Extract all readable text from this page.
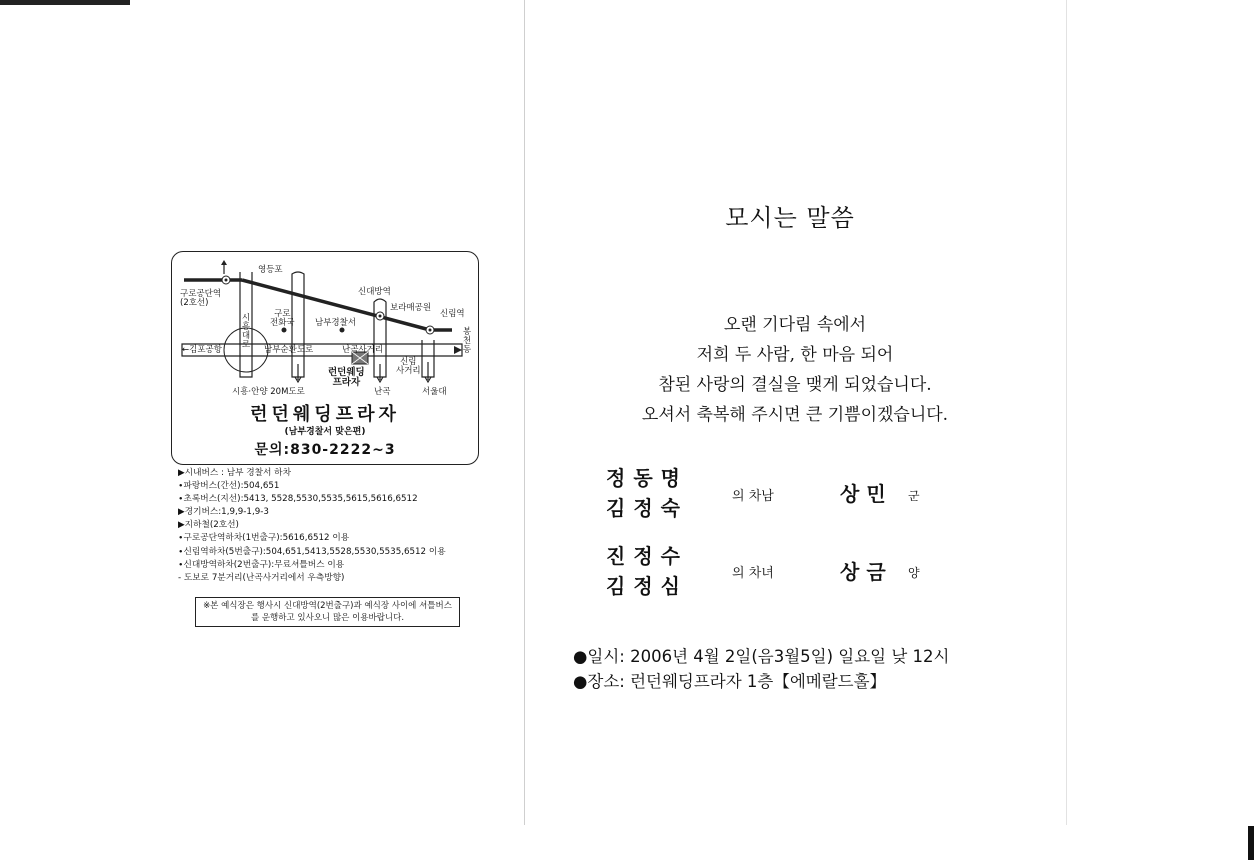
구로공단역
(2호선)
영등포
신대방역
보라매공원
신림역
구로
전화국 남부경찰서
봉천동
←김포공항
시흥대로 남부순환도로	난곡사거리
신림
사거리
런던웨딩
프라자
시흥·안양 20M도로	난곡	서울대
런던웨딩프라자
(남부경찰서 맞은편)
문의:830-2222~3
▶시내버스 : 남부 경찰서 하차
∙파랑버스(간선):504,651
∙초록버스(지선):5413, 5528,5530,5535,5615,5616,6512
▶경기버스:1,9,9-1,9-3
▶지하철(2호선)
∙구로공단역하차(1번출구):5616,6512 이용
∙신림역하차(5번출구):504,651,5413,5528,5530,5535,6512 이용
∙신대방역하차(2번출구):무료셔틀버스 이용
- 도보로 7분거리(난곡사거리에서 우측방향)
※본 예식장은 행사시 신대방역(2번출구)과 예식장 사이에 셔틀버스를 운행하고 있사오니 많은 이용바랍니다.
모시는 말씀
오랜 기다림 속에서
저희 두 사람, 한 마음 되어
참된 사랑의 결실을 맺게 되었습니다.
오셔서 축복해 주시면 큰 기쁨이겠습니다.
정동명
김정숙	의 차남	상민 군
진정수
김정심
의 차녀	상금 양
●일시: 2006년 4월 2일(음3월5일) 일요일 낮 12시
●장소: 런던웨딩프라자 1층【에메랄드홀】
